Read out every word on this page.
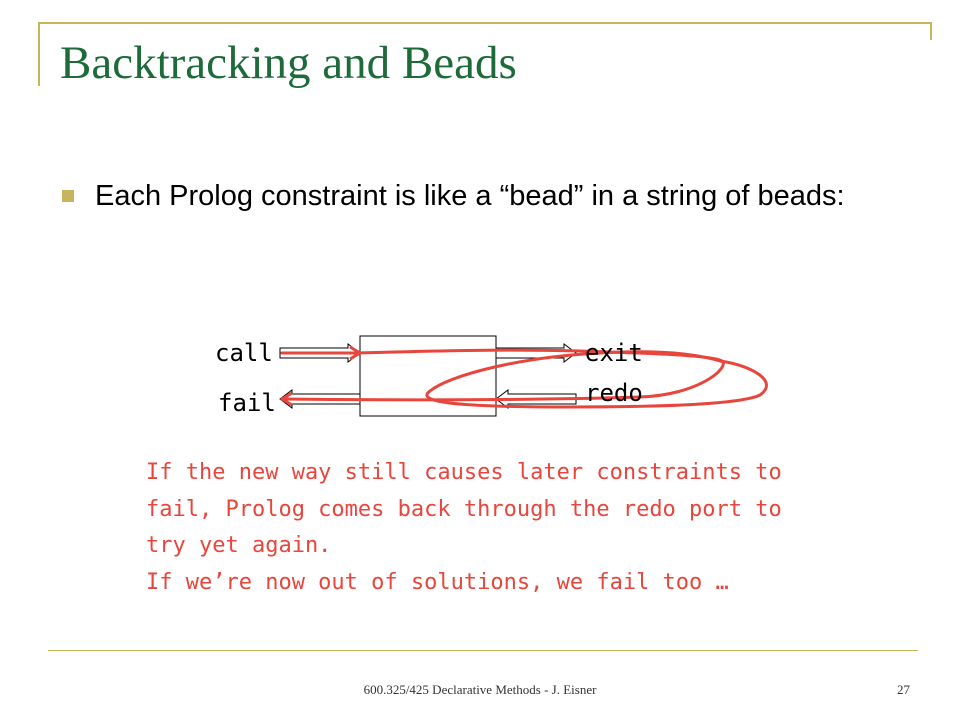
Backtracking and Beads
Each Prolog constraint is like a “bead” in a string of beads:
call	exit
fail	redo
If the new way still causes later constraints to
fail, Prolog comes back through the redo port to
try yet again.
If we’re now out of solutions, we fail too …
600.325/425 Declarative Methods - J. Eisner	27
